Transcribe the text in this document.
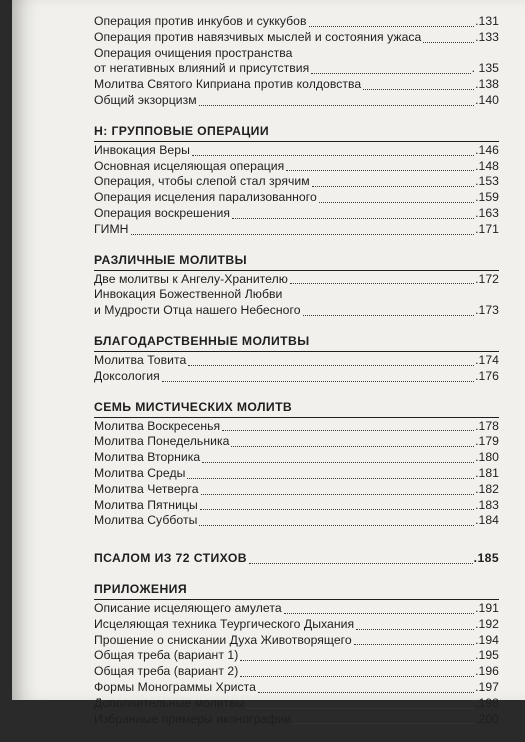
Операция против инкубов и суккубов	.131
Операция против навязчивых мыслей и состояния ужаса	.133
Операция очищения пространства
от негативных влияний и присутствия	. 135
Молитва Святого Киприана против колдовства	.138
Общий экзорцизм	.140
Н: ГРУППОВЫЕ ОПЕРАЦИИ
Инвокация Веры	.146
Основная исцеляющая операция	.148
Операция, чтобы слепой стал зрячим	.153
Операция исцеления парализованного	.159
Операция воскрешения	.163
ГИМН	.171
РАЗЛИЧНЫЕ МОЛИТВЫ
Две молитвы к Ангелу-Хранителю	.172
Инвокация Божественной Любви
и Мудрости Отца нашего Небесного	.173
БЛАГОДАРСТВЕННЫЕ МОЛИТВЫ
Молитва Товита	.174
Доксология	.176
СЕМЬ МИСТИЧЕСКИХ МОЛИТВ
Молитва Воскресенья	.178
Молитва Понедельника	.179
Молитва Вторника	.180
Молитва Среды	.181
Молитва Четверга	.182
Молитва Пятницы	.183
Молитва Субботы	.184
ПСАЛОМ ИЗ 72 СТИХОВ	.185
ПРИЛОЖЕНИЯ
Описание исцеляющего амулета	.191
Исцеляющая техника Теургического Дыхания	.192
Прошение о снискании Духа Животворящего	.194
Общая треба (вариант 1)	.195
Общая треба (вариант 2)	.196
Формы Монограммы Христа	.197
Дополнительные молитвы	.198
Избранные примеры иконографии	.200
